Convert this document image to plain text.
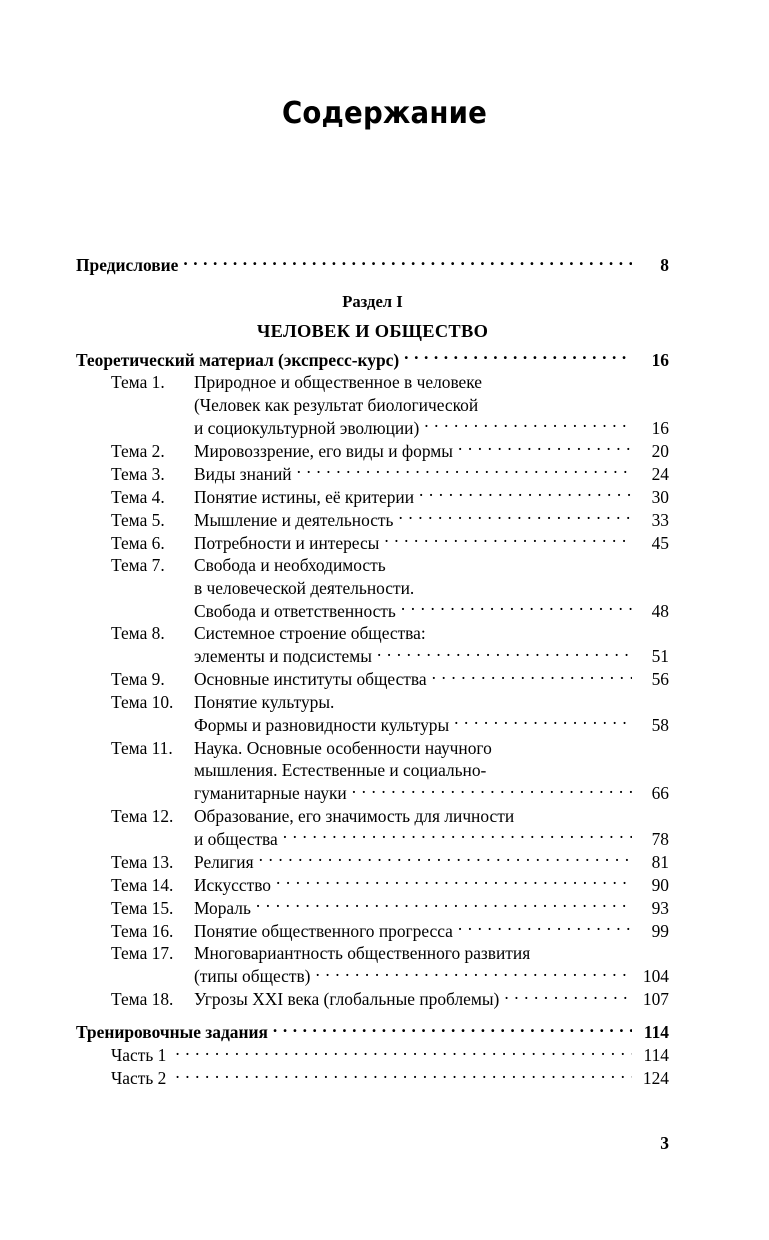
Содержание
Предисловие . . .	8
Раздел I
ЧЕЛОВЕК И ОБЩЕСТВО
Теоретический материал (экспресс-курс) . . .	16
Тема 1.	Природное и общественное в человеке
(Человек как результат биологической
и социокультурной эволюции) . . .	16
Тема 2.	Мировоззрение, его виды и формы . . .	20
Тема 3.	Виды знаний . . .	24
Тема 4.	Понятие истины, её критерии . . .	30
Тема 5.	Мышление и деятельность . . .	33
Тема 6.	Потребности и интересы . . .	45
Тема 7.	Свобода и необходимость
в человеческой деятельности.
Свобода и ответственность . . .	48
Тема 8.	Системное строение общества:
элементы и подсистемы . . .	51
Тема 9.	Основные институты общества . . .	56
Тема 10.	Понятие культуры.
Формы и разновидности культуры . . .	58
Тема 11.	Наука. Основные особенности научного
мышления. Естественные и социально-
гуманитарные науки . . .	66
Тема 12.	Образование, его значимость для личности
и общества . . .	78
Тема 13.	Религия . . .	81
Тема 14.	Искусство . . .	90
Тема 15.	Мораль . . .	93
Тема 16.	Понятие общественного прогресса . . .	99
Тема 17.	Многовариантность общественного развития
(типы обществ) . . .	104
Тема 18.	Угрозы XXI века (глобальные проблемы) . . .	107
Тренировочные задания . . .	114
Часть 1 . . .	114
Часть 2 . . .	124
3
